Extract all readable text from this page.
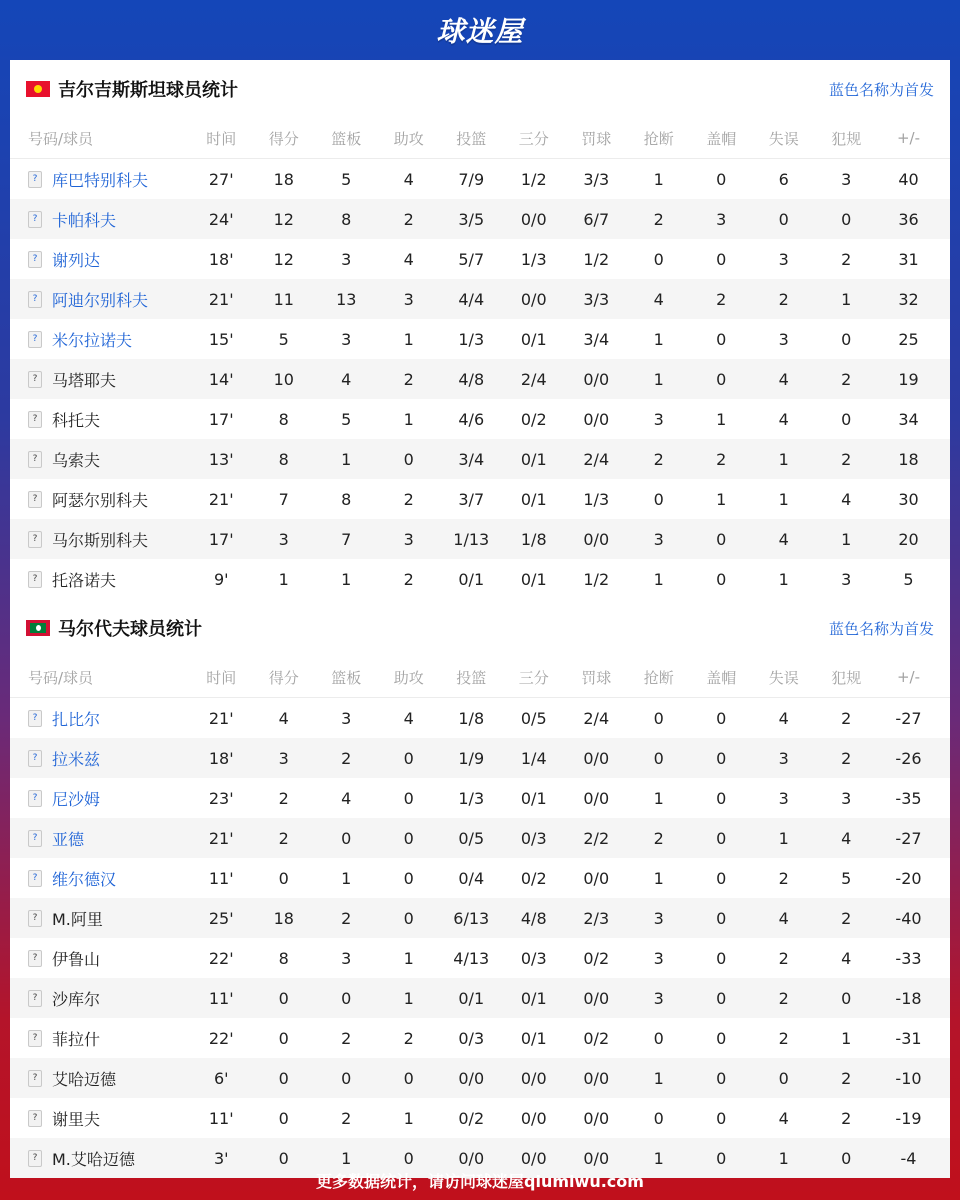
球迷屋
吉尔吉斯斯坦球员统计	蓝色名称为首发
号码/球员	时间	得分	篮板	助攻	投篮	三分	罚球	抢断	盖帽	失误	犯规	+/-
? 库巴特别科夫	27'	18	5	4	7/9	1/2	3/3	1	0	6	3	40
? 卡帕科夫	24'	12	8	2	3/5	0/0	6/7	2	3	0	0	36
? 谢列达	18'	12	3	4	5/7	1/3	1/2	0	0	3	2	31
? 阿迪尔别科夫	21'	11	13	3	4/4	0/0	3/3	4	2	2	1	32
? 米尔拉诺夫	15'	5	3	1	1/3	0/1	3/4	1	0	3	0	25
? 马塔耶夫	14'	10	4	2	4/8	2/4	0/0	1	0	4	2	19
? 科托夫	17'	8	5	1	4/6	0/2	0/0	3	1	4	0	34
? 乌索夫	13'	8	1	0	3/4	0/1	2/4	2	2	1	2	18
? 阿瑟尔别科夫	21'	7	8	2	3/7	0/1	1/3	0	1	1	4	30
? 马尔斯别科夫	17'	3	7	3	1/13	1/8	0/0	3	0	4	1	20
? 托洛诺夫	9'	1	1	2	0/1	0/1	1/2	1	0	1	3	5
马尔代夫球员统计	蓝色名称为首发
号码/球员	时间	得分	篮板	助攻	投篮	三分	罚球	抢断	盖帽	失误	犯规	+/-
? 扎比尔	21'	4	3	4	1/8	0/5	2/4	0	0	4	2	-27
? 拉米兹	18'	3	2	0	1/9	1/4	0/0	0	0	3	2	-26
? 尼沙姆	23'	2	4	0	1/3	0/1	0/0	1	0	3	3	-35
? 亚德	21'	2	0	0	0/5	0/3	2/2	2	0	1	4	-27
? 维尔德汉	11'	0	1	0	0/4	0/2	0/0	1	0	2	5	-20
? M.阿里	25'	18	2	0	6/13	4/8	2/3	3	0	4	2	-40
? 伊鲁山	22'	8	3	1	4/13	0/3	0/2	3	0	2	4	-33
? 沙库尔	11'	0	0	1	0/1	0/1	0/0	3	0	2	0	-18
? 菲拉什	22'	0	2	2	0/3	0/1	0/2	0	0	2	1	-31
? 艾哈迈德	6'	0	0	0	0/0	0/0	0/0	1	0	0	2	-10
? 谢里夫	11'	0	2	1	0/2	0/0	0/0	0	0	4	2	-19
? M.艾哈迈德	3'	0	1	0	0/0	0/0	0/0	1	0	1	0	-4
更多数据统计，请访问球迷屋qiumiwu.com
